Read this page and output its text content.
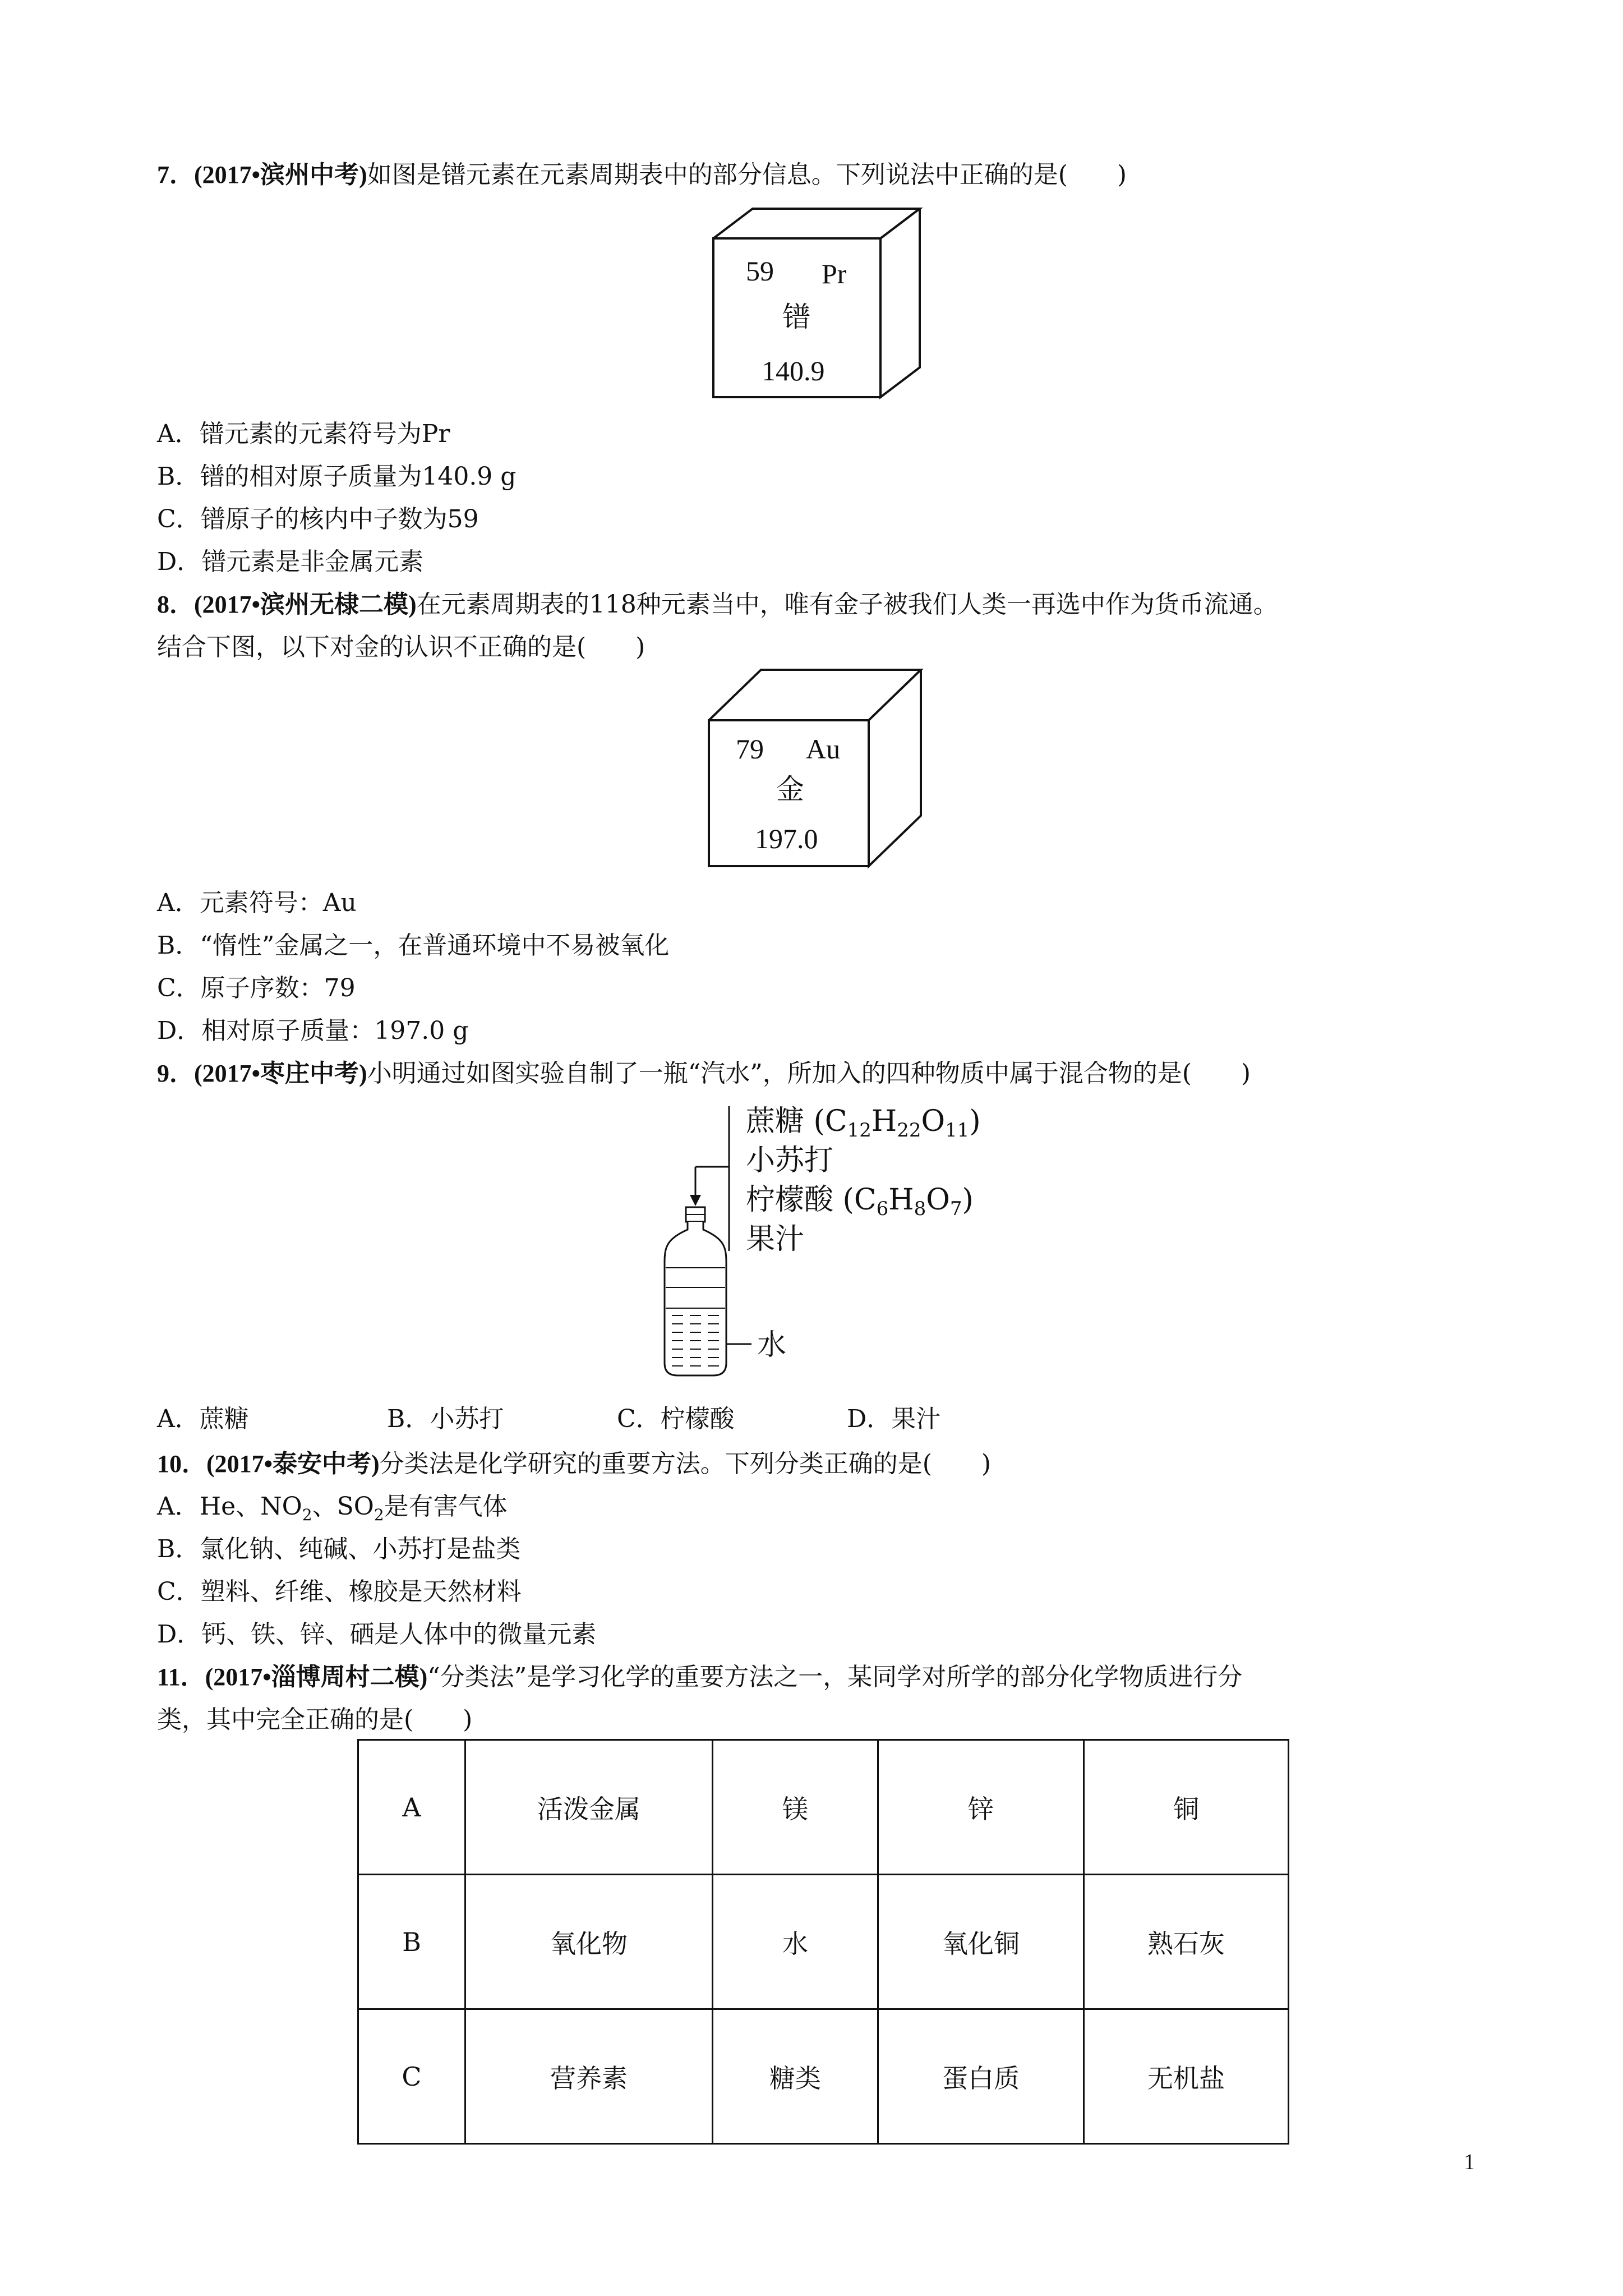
7．(2017•滨州中考)如图是镨元素在元素周期表中的部分信息。下列说法中正确的是(　　)
59 Pr
镨
140.9
A．镨元素的元素符号为Pr
B．镨的相对原子质量为140.9 g
C．镨原子的核内中子数为59
D．镨元素是非金属元素
8．(2017•滨州无棣二模)在元素周期表的118种元素当中，唯有金子被我们人类一再选中作为货币流通。
结合下图，以下对金的认识不正确的是(　　)
79 Au
金
197.0
A．元素符号：Au
B．“惰性”金属之一，在普通环境中不易被氧化
C．原子序数：79
D．相对原子质量：197.0 g
9．(2017•枣庄中考)小明通过如图实验自制了一瓶“汽水”，所加入的四种物质中属于混合物的是(　　)
蔗糖 (C12H22O11)
小苏打
柠檬酸 (C6H8O7)
果汁
水
A．蔗糖	B．小苏打	C．柠檬酸	D．果汁
10．(2017•泰安中考)分类法是化学研究的重要方法。下列分类正确的是(　　)
A．He、$NO_2$、$SO_2$是有害气体
B．氯化钠、纯碱、小苏打是盐类
C．塑料、纤维、橡胶是天然材料
D．钙、铁、锌、硒是人体中的微量元素
11．(2017•淄博周村二模)“分类法”是学习化学的重要方法之一，某同学对所学的部分化学物质进行分
类，其中完全正确的是(　　)
A	活泼金属	镁	锌	铜
B	氧化物	水	氧化铜	熟石灰
C	营养素	糖类	蛋白质	无机盐
1
